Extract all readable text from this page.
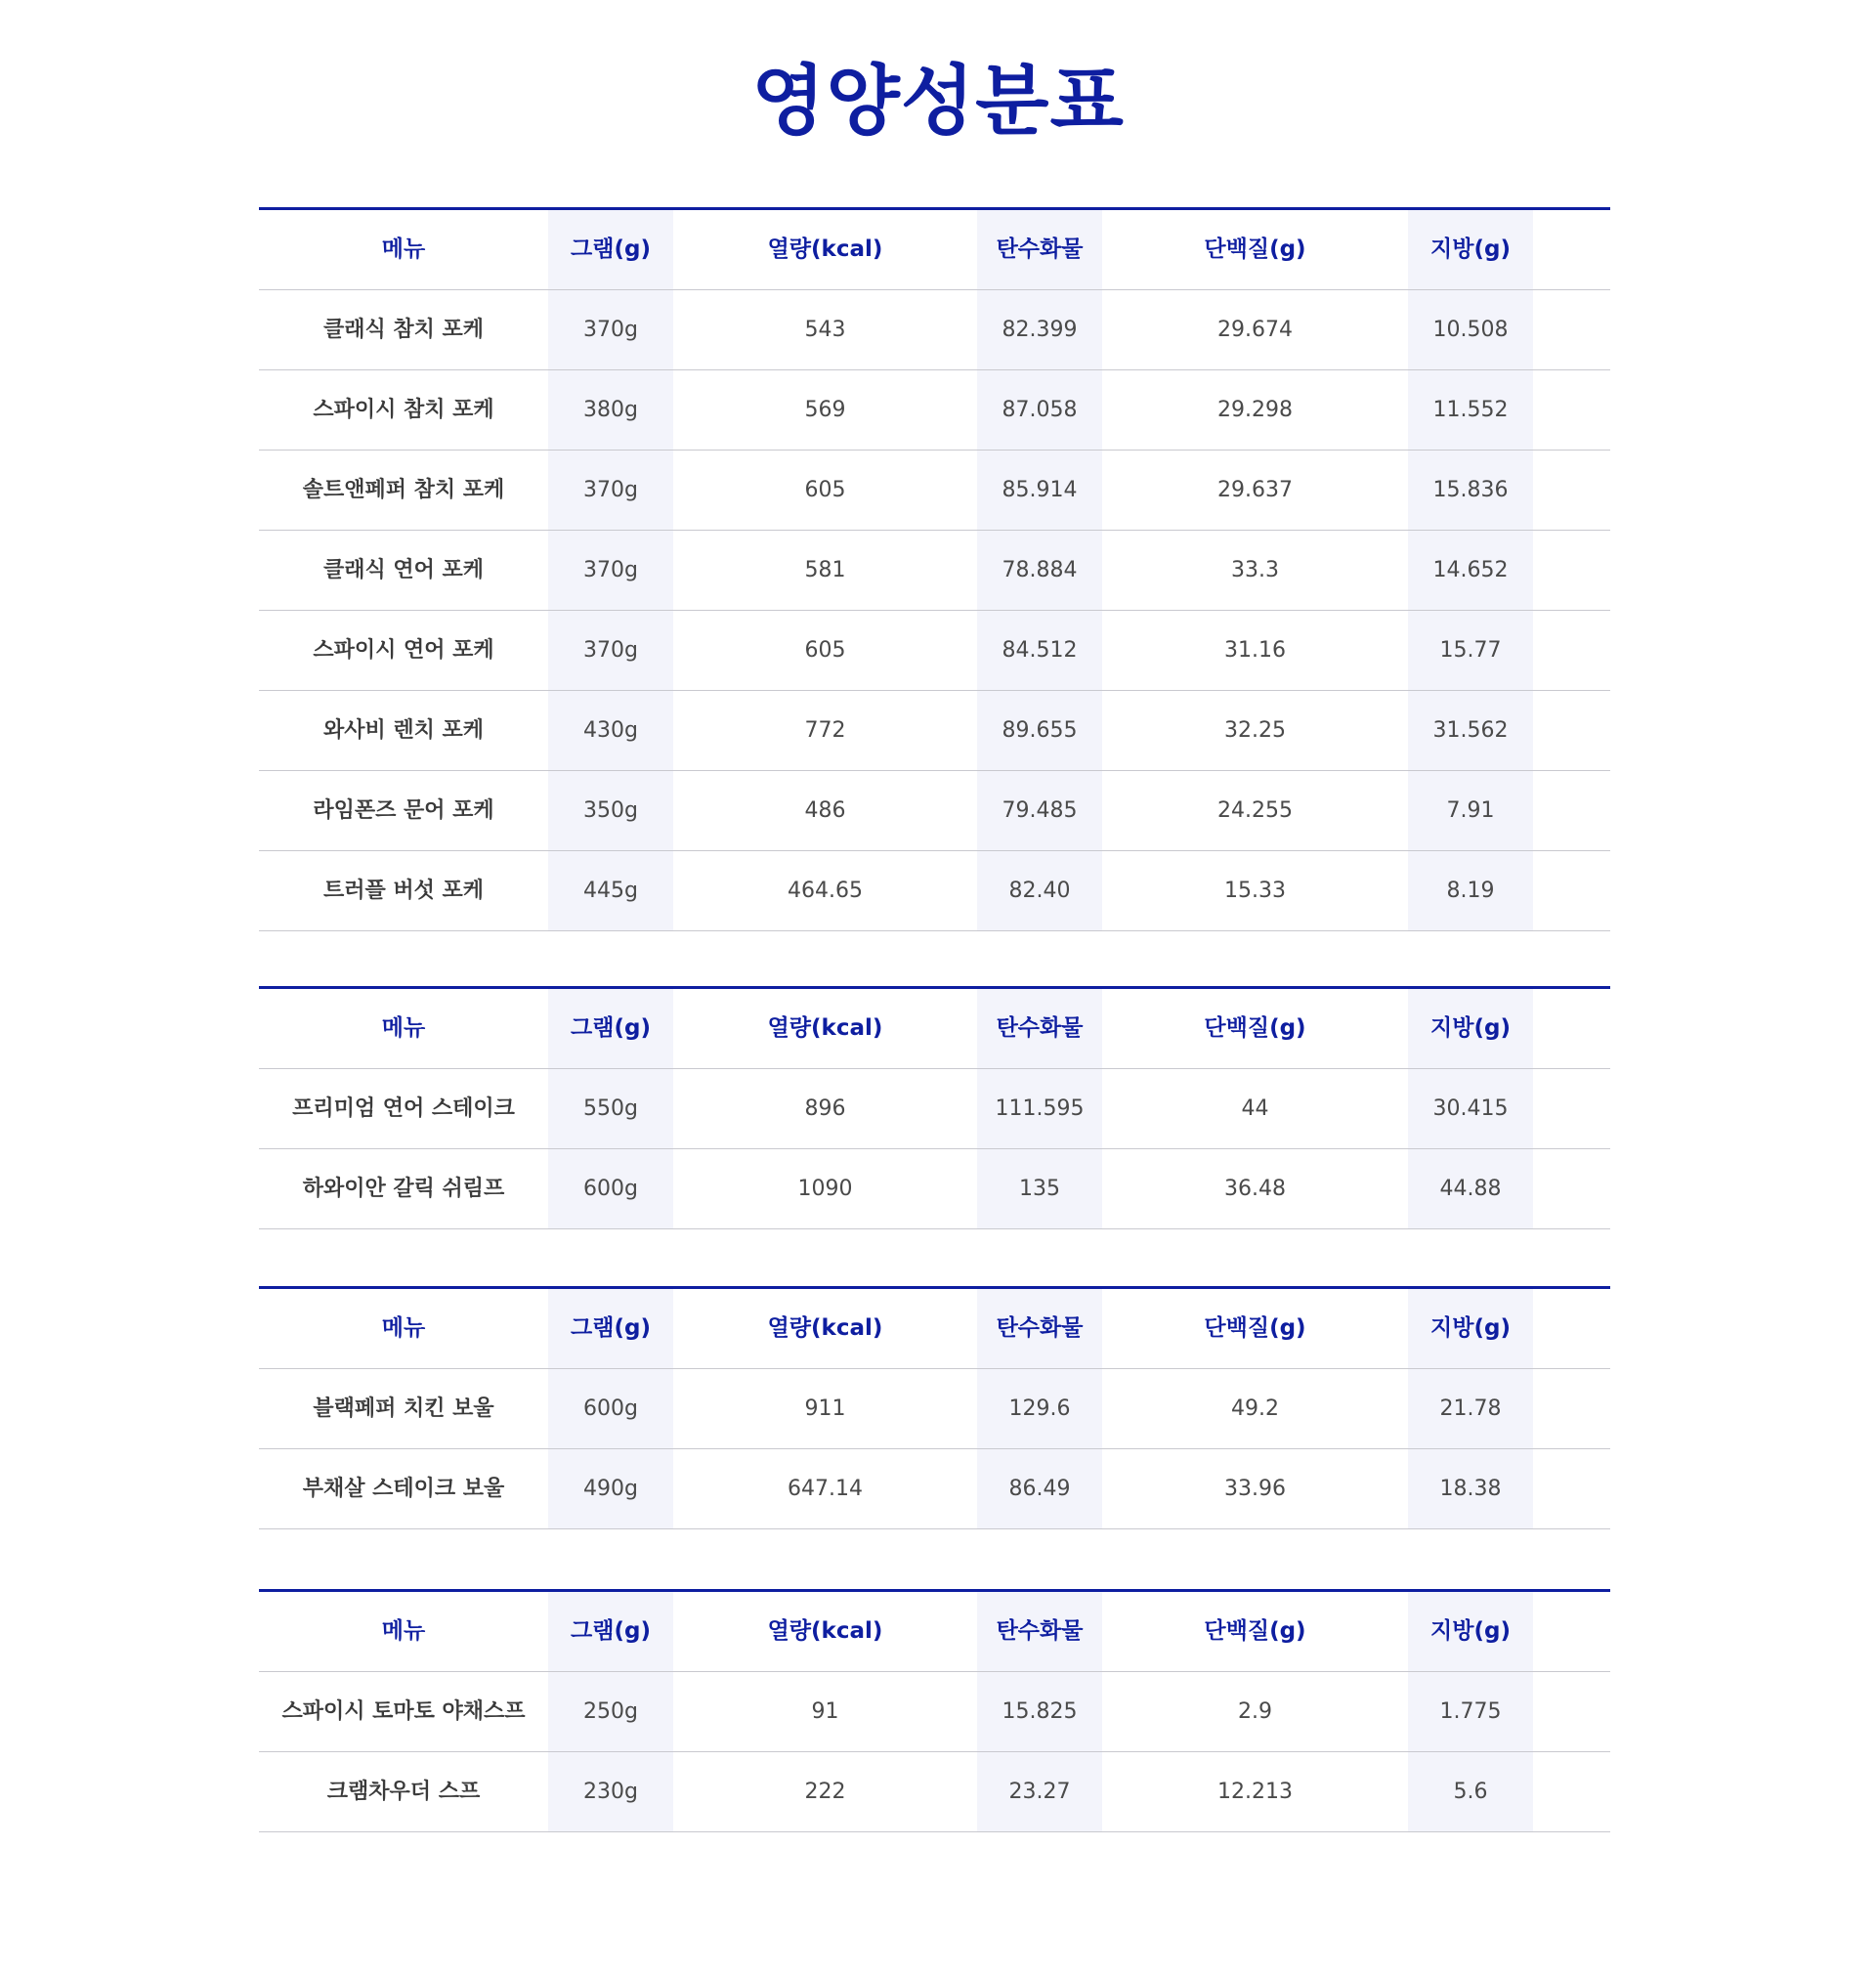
영양성분표
메뉴	그램(g)	열량(kcal)	탄수화물	단백질(g)	지방(g)	
클래식 참치 포케	370g	543	82.399	29.674	10.508	
스파이시 참치 포케	380g	569	87.058	29.298	11.552	
솔트앤페퍼 참치 포케	370g	605	85.914	29.637	15.836	
클래식 연어 포케	370g	581	78.884	33.3	14.652	
스파이시 연어 포케	370g	605	84.512	31.16	15.77	
와사비 렌치 포케	430g	772	89.655	32.25	31.562	
라임폰즈 문어 포케	350g	486	79.485	24.255	7.91	
트러플 버섯 포케	445g	464.65	82.40	15.33	8.19	
메뉴	그램(g)	열량(kcal)	탄수화물	단백질(g)	지방(g)	
프리미엄 연어 스테이크	550g	896	111.595	44	30.415	
하와이안 갈릭 쉬림프	600g	1090	135	36.48	44.88	
메뉴	그램(g)	열량(kcal)	탄수화물	단백질(g)	지방(g)	
블랙페퍼 치킨 보울	600g	911	129.6	49.2	21.78	
부채살 스테이크 보울	490g	647.14	86.49	33.96	18.38	
메뉴	그램(g)	열량(kcal)	탄수화물	단백질(g)	지방(g)	
스파이시 토마토 야채스프	250g	91	15.825	2.9	1.775	
크램차우더 스프	230g	222	23.27	12.213	5.6	
